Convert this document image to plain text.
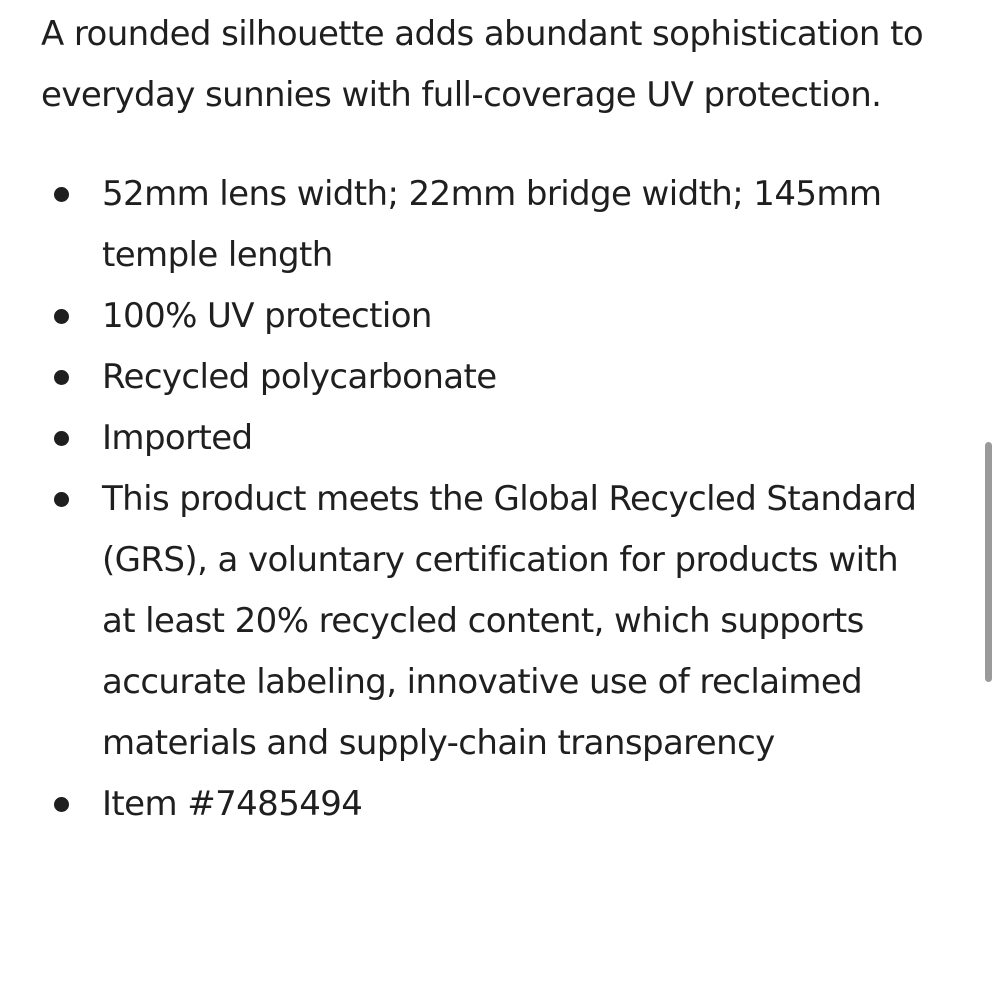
A rounded silhouette adds abundant sophistication to everyday sunnies with full-coverage UV protection.

52mm lens width; 22mm bridge width; 145mm temple length
100% UV protection
Recycled polycarbonate
Imported
This product meets the Global Recycled Standard (GRS), a voluntary certification for products with at least 20% recycled content, which supports accurate labeling, innovative use of reclaimed materials and supply-chain transparency
Item #7485494
